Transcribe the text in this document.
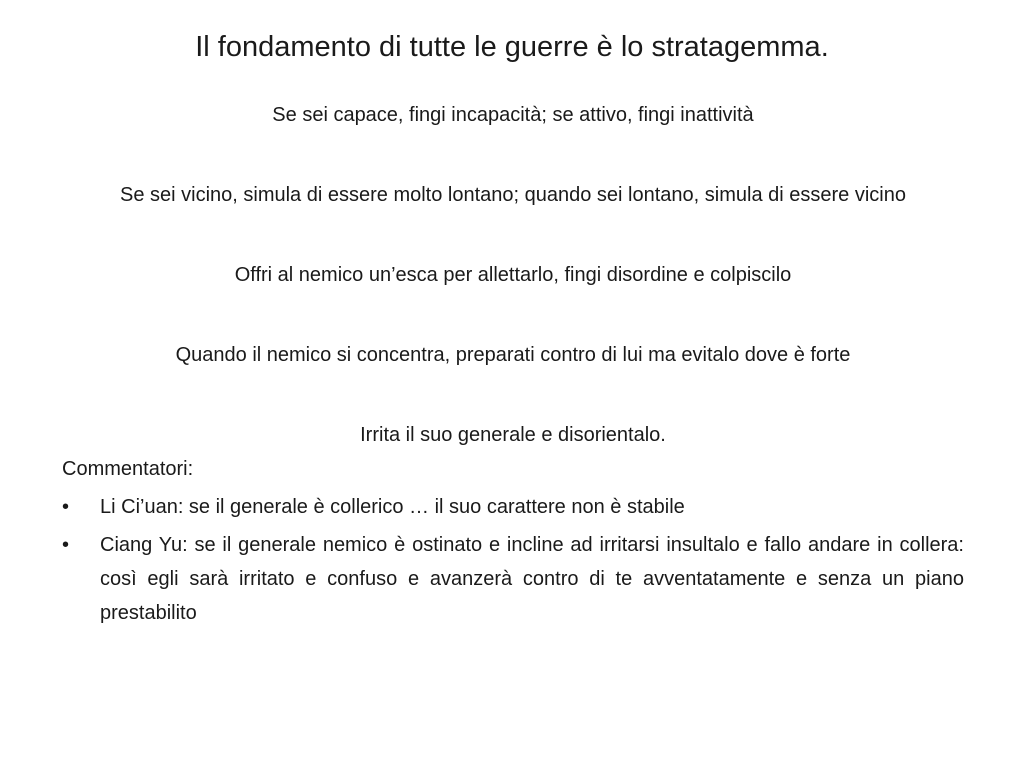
Il fondamento di tutte le guerre è lo stratagemma.

Se sei capace, fingi incapacità; se attivo, fingi inattività

Se sei vicino, simula di essere molto lontano; quando sei lontano, simula di essere vicino

Offri al nemico un’esca per allettarlo, fingi disordine e colpiscilo

Quando il nemico si concentra, preparati contro di lui ma evitalo dove è forte

Irrita il suo generale e disorientalo.

Commentatori:

•	Li Ci’uan: se il generale è collerico … il suo carattere non è stabile
•	Ciang Yu: se il generale nemico è ostinato e incline ad irritarsi insultalo e fallo andare in collera: così egli sarà irritato e confuso e avanzerà contro di te avventatamente e senza un piano prestabilito
